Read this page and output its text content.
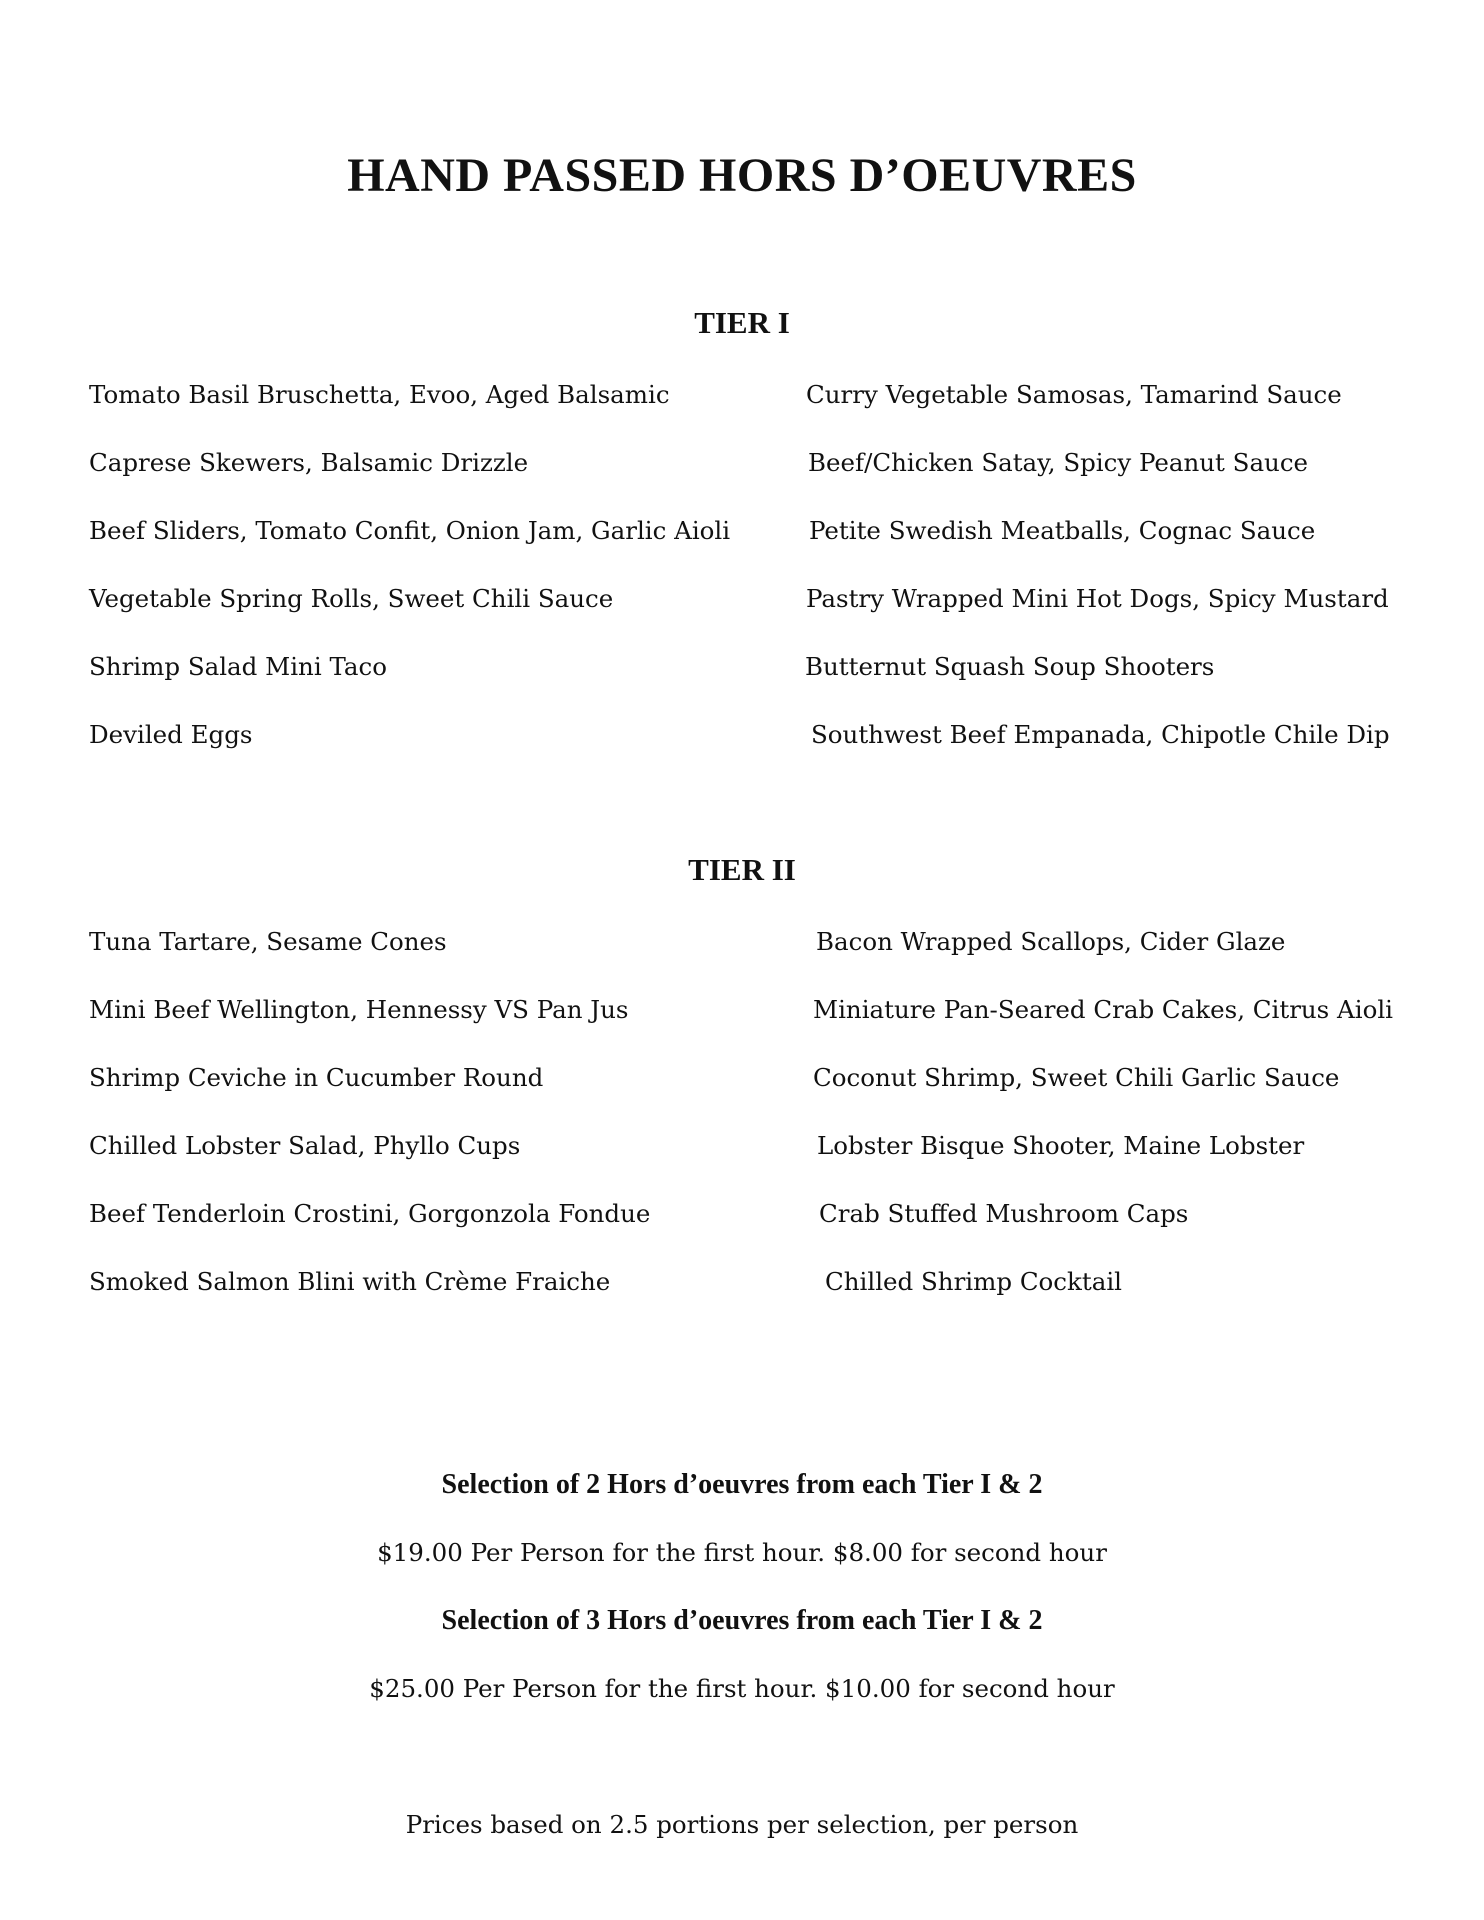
HAND PASSED HORS D’OEUVRES
TIER I
Tomato Basil Bruschetta, Evoo, Aged Balsamic
Caprese Skewers, Balsamic Drizzle
Beef Sliders, Tomato Confit, Onion Jam, Garlic Aioli
Vegetable Spring Rolls, Sweet Chili Sauce
Shrimp Salad Mini Taco
Deviled Eggs
Curry Vegetable Samosas, Tamarind Sauce
Beef/Chicken Satay, Spicy Peanut Sauce
Petite Swedish Meatballs, Cognac Sauce
Pastry Wrapped Mini Hot Dogs, Spicy Mustard
Butternut Squash Soup Shooters
Southwest Beef Empanada, Chipotle Chile Dip
TIER II
Tuna Tartare, Sesame Cones
Mini Beef Wellington, Hennessy VS Pan Jus
Shrimp Ceviche in Cucumber Round
Chilled Lobster Salad, Phyllo Cups
Beef Tenderloin Crostini, Gorgonzola Fondue
Smoked Salmon Blini with Crème Fraiche
Bacon Wrapped Scallops, Cider Glaze
Miniature Pan-Seared Crab Cakes, Citrus Aioli
Coconut Shrimp, Sweet Chili Garlic Sauce
Lobster Bisque Shooter, Maine Lobster
Crab Stuffed Mushroom Caps
Chilled Shrimp Cocktail
Selection of 2 Hors d’oeuvres from each Tier I & 2
$19.00 Per Person for the first hour. $8.00 for second hour
Selection of 3 Hors d’oeuvres from each Tier I & 2
$25.00 Per Person for the first hour. $10.00 for second hour
Prices based on 2.5 portions per selection, per person
